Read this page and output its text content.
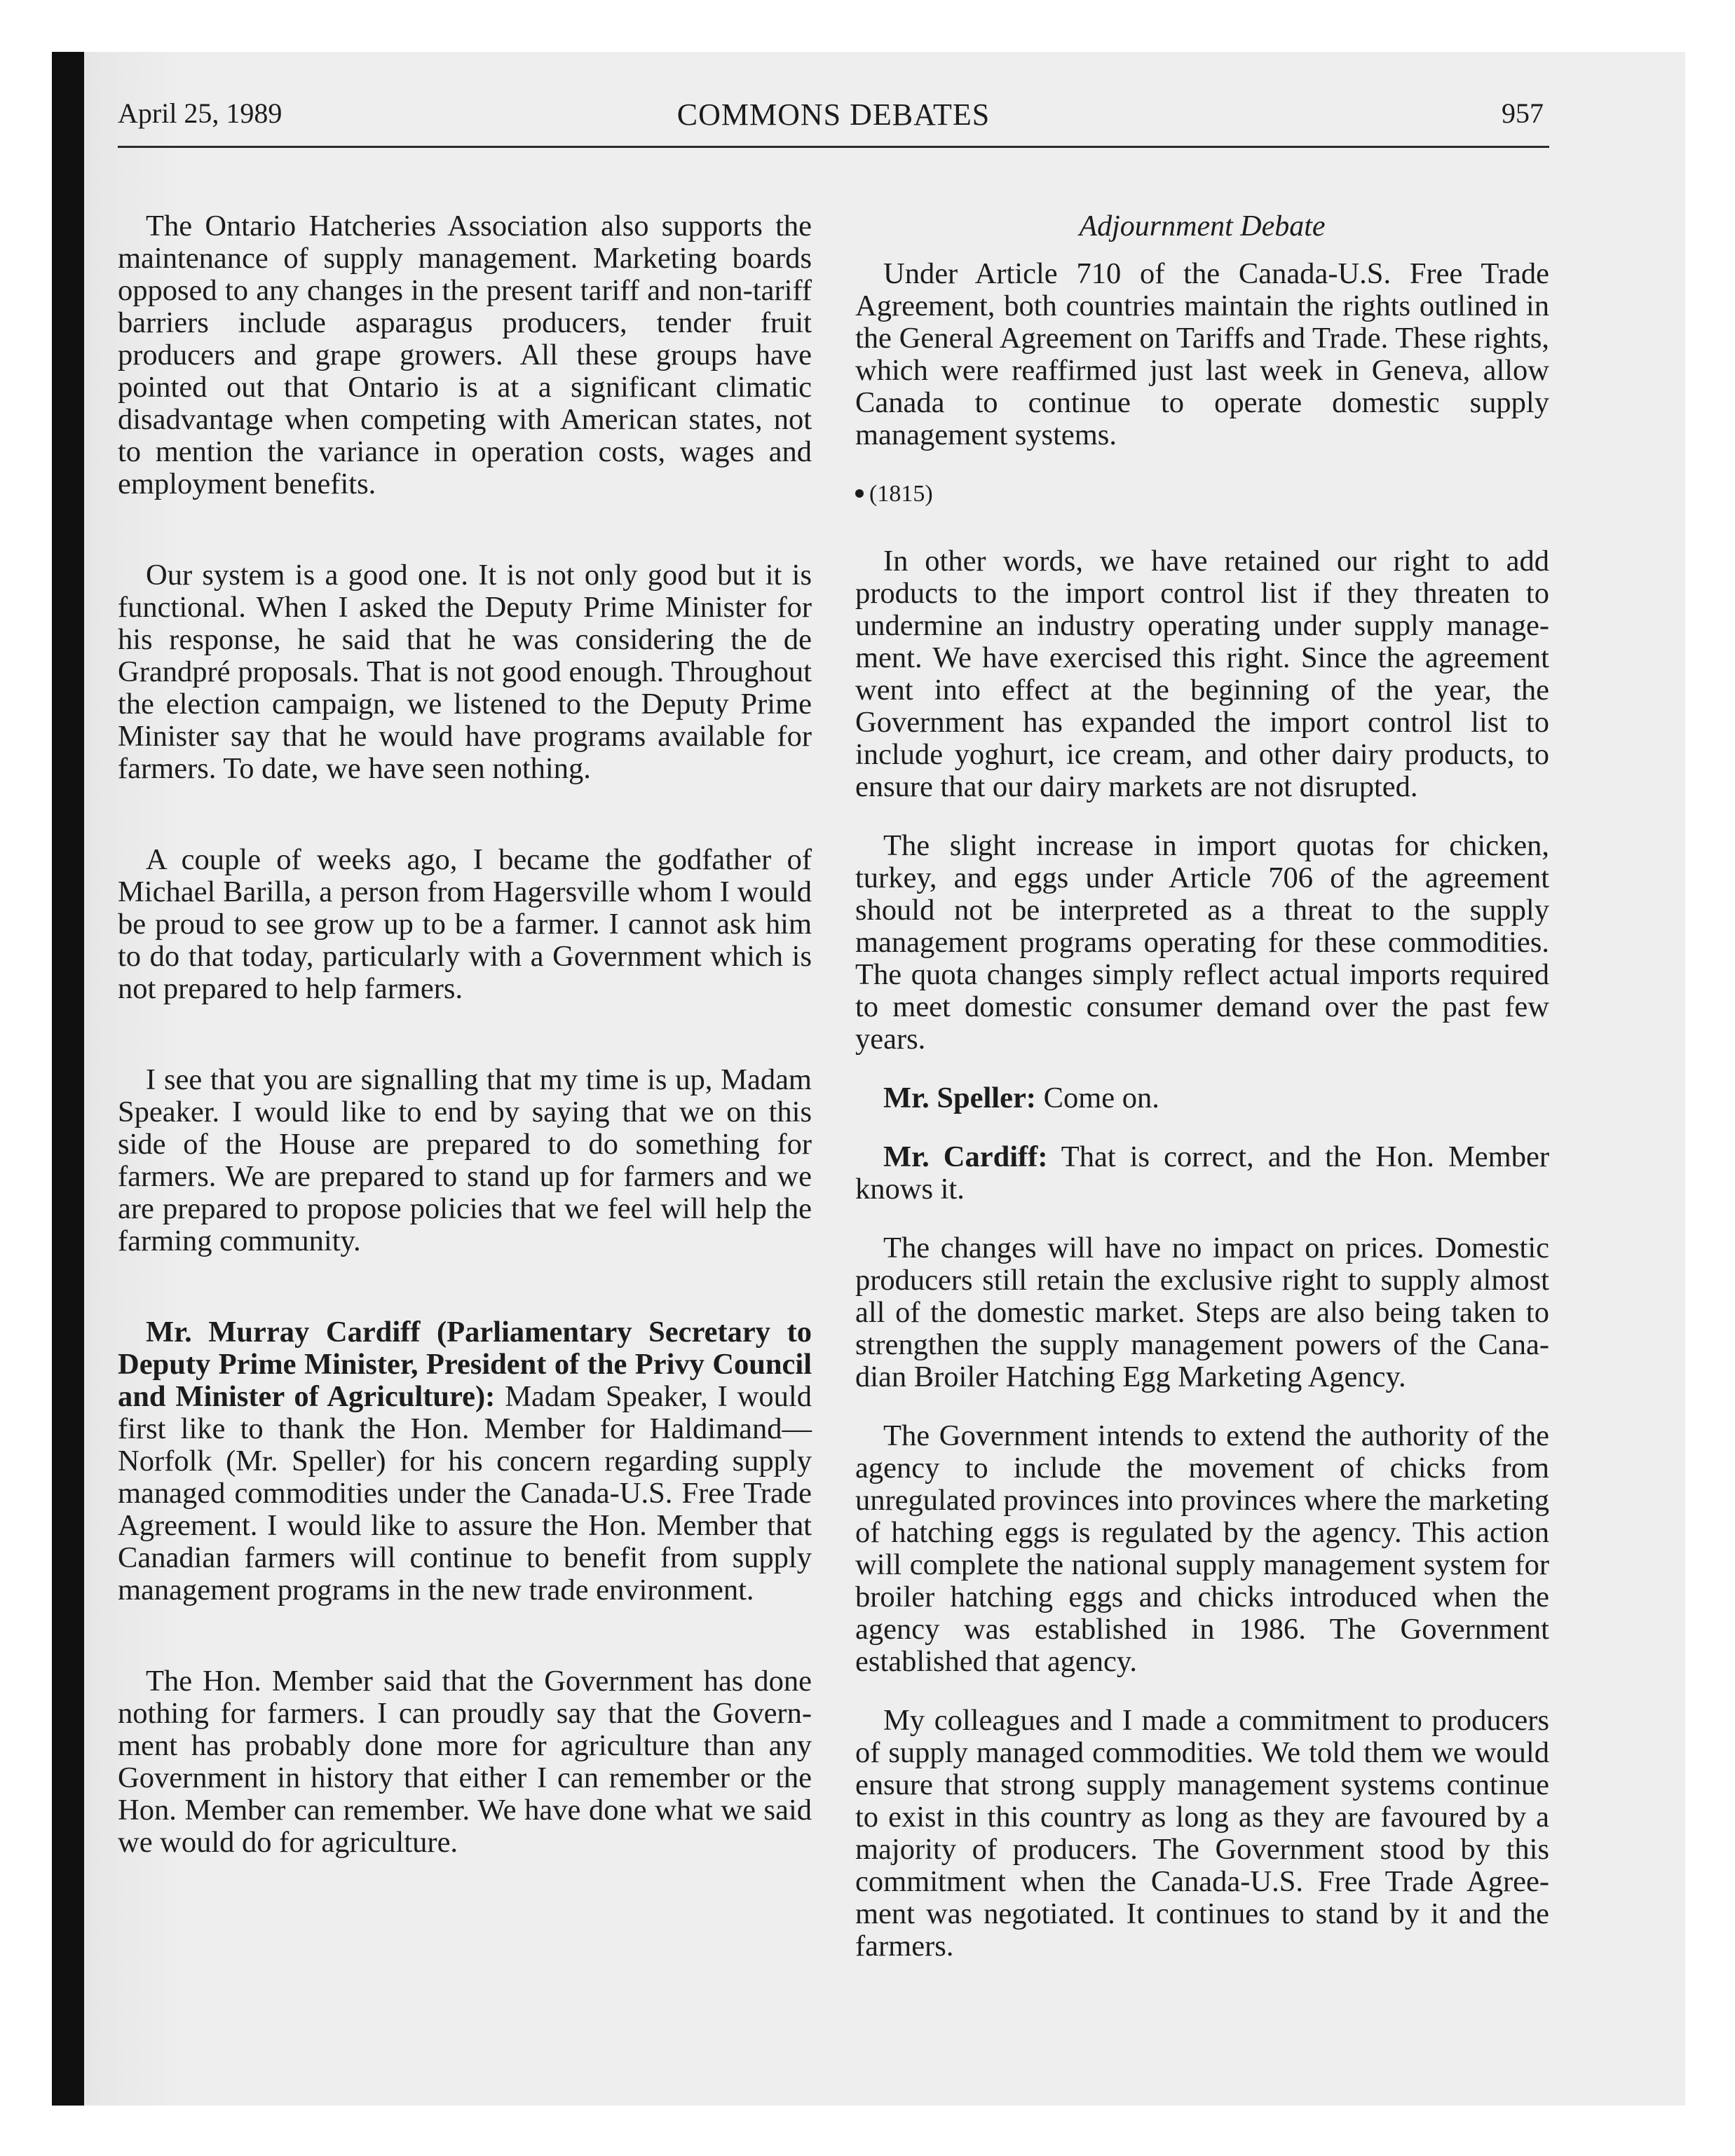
April 25, 1989	COMMONS DEBATES	957

The Ontario Hatcheries Association also supports the maintenance of supply management. Marketing boards opposed to any changes in the present tariff and non-tariff barriers include asparagus producers, tender fruit producers and grape growers. All these groups have pointed out that Ontario is at a significant climatic disadvantage when competing with American states, not to mention the variance in operation costs, wages and employment benefits.

Our system is a good one. It is not only good but it is functional. When I asked the Deputy Prime Minister for his response, he said that he was considering the de Grandpré proposals. That is not good enough. Throughout the election campaign, we listened to the Deputy Prime Minister say that he would have programs available for farmers. To date, we have seen nothing.

A couple of weeks ago, I became the godfather of Michael Barilla, a person from Hagersville whom I would be proud to see grow up to be a farmer. I cannot ask him to do that today, particularly with a Government which is not prepared to help farmers.

I see that you are signalling that my time is up, Madam Speaker. I would like to end by saying that we on this side of the House are prepared to do something for farmers. We are prepared to stand up for farmers and we are prepared to propose policies that we feel will help the farming community.

Mr. Murray Cardiff (Parliamentary Secretary to Deputy Prime Minister, President of the Privy Council and Minister of Agriculture): Madam Speaker, I would first like to thank the Hon. Member for Haldimand—Norfolk (Mr. Speller) for his concern regarding supply managed commodities under the Canada-U.S. Free Trade Agreement. I would like to assure the Hon. Member that Canadian farmers will continue to benefit from supply management programs in the new trade environment.

The Hon. Member said that the Government has done nothing for farmers. I can proudly say that the Government has probably done more for agriculture than any Government in history that either I can remember or the Hon. Member can remember. We have done what we said we would do for agriculture.

Adjournment Debate

Under Article 710 of the Canada-U.S. Free Trade Agreement, both countries maintain the rights outlined in the General Agreement on Tariffs and Trade. These rights, which were reaffirmed just last week in Geneva, allow Canada to continue to operate domestic supply management systems.

(1815)

In other words, we have retained our right to add products to the import control list if they threaten to undermine an industry operating under supply management. We have exercised this right. Since the agreement went into effect at the beginning of the year, the Government has expanded the import control list to include yoghurt, ice cream, and other dairy products, to ensure that our dairy markets are not disrupted.

The slight increase in import quotas for chicken, turkey, and eggs under Article 706 of the agreement should not be interpreted as a threat to the supply management programs operating for these commodities. The quota changes simply reflect actual imports required to meet domestic consumer demand over the past few years.

Mr. Speller: Come on.

Mr. Cardiff: That is correct, and the Hon. Member knows it.

The changes will have no impact on prices. Domestic producers still retain the exclusive right to supply almost all of the domestic market. Steps are also being taken to strengthen the supply management powers of the Canadian Broiler Hatching Egg Marketing Agency.

The Government intends to extend the authority of the agency to include the movement of chicks from unregulated provinces into provinces where the marketing of hatching eggs is regulated by the agency. This action will complete the national supply management system for broiler hatching eggs and chicks introduced when the agency was established in 1986. The Government established that agency.

My colleagues and I made a commitment to producers of supply managed commodities. We told them we would ensure that strong supply management systems continue to exist in this country as long as they are favoured by a majority of producers. The Government stood by this commitment when the Canada-U.S. Free Trade Agreement was negotiated. It continues to stand by it and the farmers.
